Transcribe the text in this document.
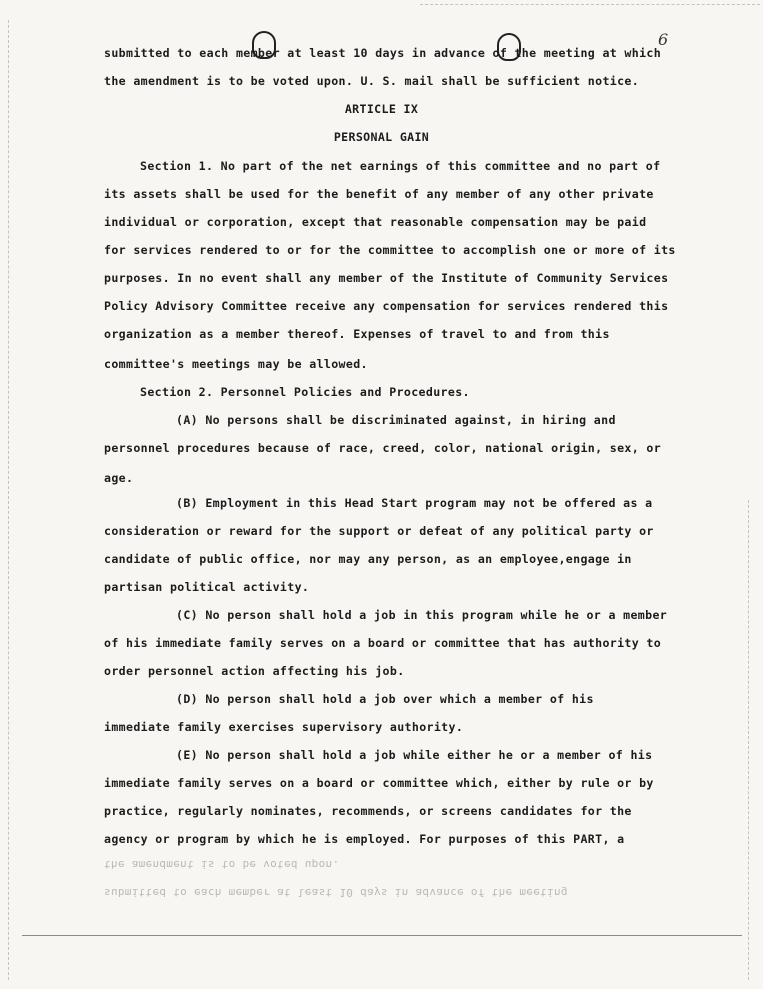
6
submitted to each member at least 10 days in advance of the meeting at which
the amendment is to be voted upon. U. S. mail shall be sufficient notice.
ARTICLE IX
PERSONAL GAIN
Section 1. No part of the net earnings of this committee and no part of
its assets shall be used for the benefit of any member of any other private
individual or corporation, except that reasonable compensation may be paid
for services rendered to or for the committee to accomplish one or more of its
purposes. In no event shall any member of the Institute of Community Services
Policy Advisory Committee receive any compensation for services rendered this
organization as a member thereof. Expenses of travel to and from this
committee's meetings may be allowed.
Section 2. Personnel Policies and Procedures.
(A) No persons shall be discriminated against, in hiring and
personnel procedures because of race, creed, color, national origin, sex, or
age.
(B) Employment in this Head Start program may not be offered as a
consideration or reward for the support or defeat of any political party or
candidate of public office, nor may any person, as an employee,engage in
partisan political activity.
(C) No person shall hold a job in this program while he or a member
of his immediate family serves on a board or committee that has authority to
order personnel action affecting his job.
(D) No person shall hold a job over which a member of his
immediate family exercises supervisory authority.
(E) No person shall hold a job while either he or a member of his
immediate family serves on a board or committee which, either by rule or by
practice, regularly nominates, recommends, or screens candidates for the
agency or program by which he is employed. For purposes of this PART, a
the amendment is to be voted upon.
submitted to each member at least 10 days in advance of the meeting
